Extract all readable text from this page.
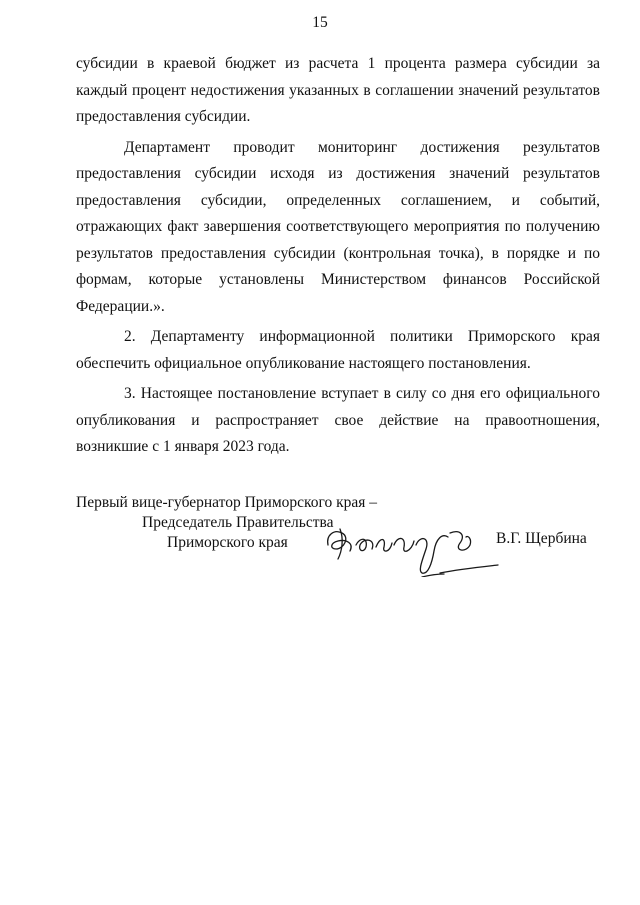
15

субсидии в краевой бюджет из расчета 1 процента размера субсидии за каждый процент недостижения указанных в соглашении значений результатов предоставления субсидии.

Департамент проводит мониторинг достижения результатов предоставления субсидии исходя из достижения значений результатов предоставления субсидии, определенных соглашением, и событий, отражающих факт завершения соответствующего мероприятия по получению результатов предоставления субсидии (контрольная точка), в порядке и по формам, которые установлены Министерством финансов Российской Федерации.».

2. Департаменту информационной политики Приморского края обеспечить официальное опубликование настоящего постановления.

3. Настоящее постановление вступает в силу со дня его официального опубликования и распространяет свое действие на правоотношения, возникшие с 1 января 2023 года.

Первый вице-губернатор Приморского края –
Председатель Правительства
Приморского края	В.Г. Щербина
